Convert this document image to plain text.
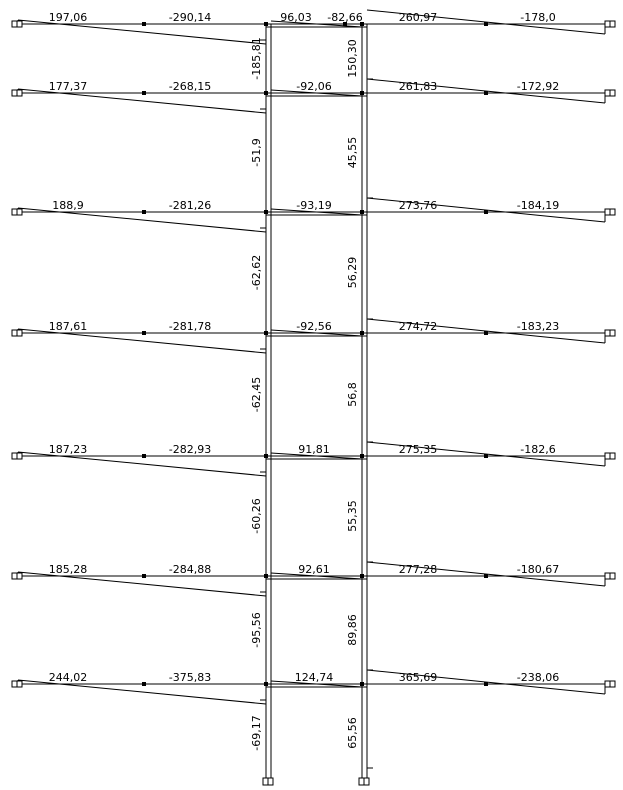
197,06	-290,14	96,03 -82,66	260,97	-178,0
-185,81	150,30
177,37	-268,15	-92,06	261,83	-172,92
-51,9	45,55
188,9	-281,26	-93,19	273,76	-184,19
-62,62	56,29
187,61	-281,78	-92,56	274,72	-183,23
-62,45	56,8
187,23	-282,93	91,81	275,35	-182,6
-60,26	55,35
185,28	-284,88	92,61	277,28	-180,67
-95,56	89,86
244,02	-375,83	124,74	365,69	-238,06
-69,17	65,56
